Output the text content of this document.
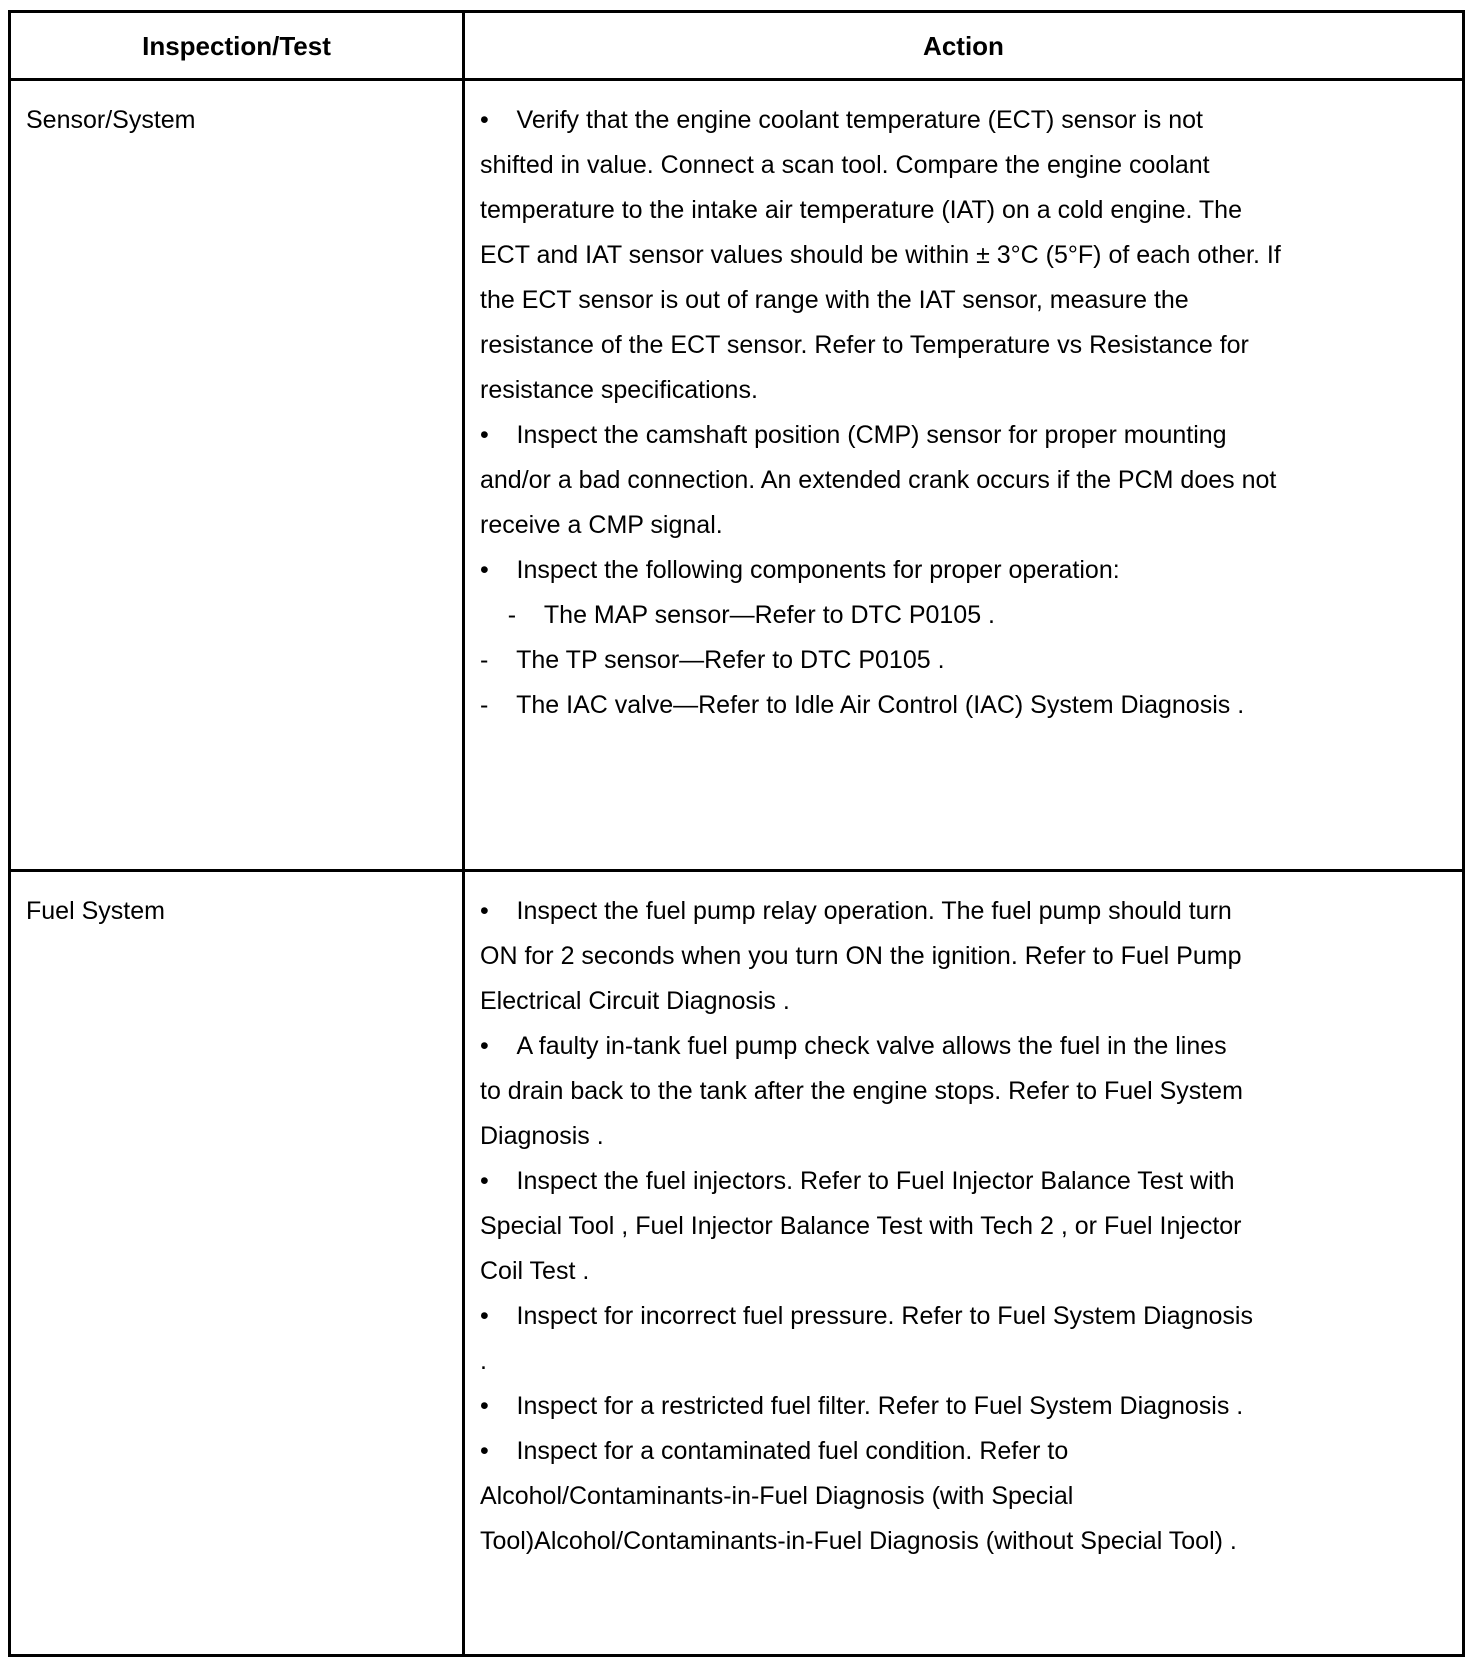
Inspection/Test	Action
Sensor/System	•    Verify that the engine coolant temperature (ECT) sensor is not
shifted in value. Connect a scan tool. Compare the engine coolant
temperature to the intake air temperature (IAT) on a cold engine. The
ECT and IAT sensor values should be within ± 3°C (5°F) of each other. If
the ECT sensor is out of range with the IAT sensor, measure the
resistance of the ECT sensor. Refer to Temperature vs Resistance for
resistance specifications.
•    Inspect the camshaft position (CMP) sensor for proper mounting
and/or a bad connection. An extended crank occurs if the PCM does not
receive a CMP signal.
•    Inspect the following components for proper operation:
-    The MAP sensor—Refer to DTC P0105 .
-    The TP sensor—Refer to DTC P0105 .
-    The IAC valve—Refer to Idle Air Control (IAC) System Diagnosis .
Fuel System	•    Inspect the fuel pump relay operation. The fuel pump should turn
ON for 2 seconds when you turn ON the ignition. Refer to Fuel Pump
Electrical Circuit Diagnosis .
•    A faulty in-tank fuel pump check valve allows the fuel in the lines
to drain back to the tank after the engine stops. Refer to Fuel System
Diagnosis .
•    Inspect the fuel injectors. Refer to Fuel Injector Balance Test with
Special Tool , Fuel Injector Balance Test with Tech 2 , or Fuel Injector
Coil Test .
•    Inspect for incorrect fuel pressure. Refer to Fuel System Diagnosis
.
•    Inspect for a restricted fuel filter. Refer to Fuel System Diagnosis .
•    Inspect for a contaminated fuel condition. Refer to
Alcohol/Contaminants-in-Fuel Diagnosis (with Special
Tool)Alcohol/Contaminants-in-Fuel Diagnosis (without Special Tool) .
